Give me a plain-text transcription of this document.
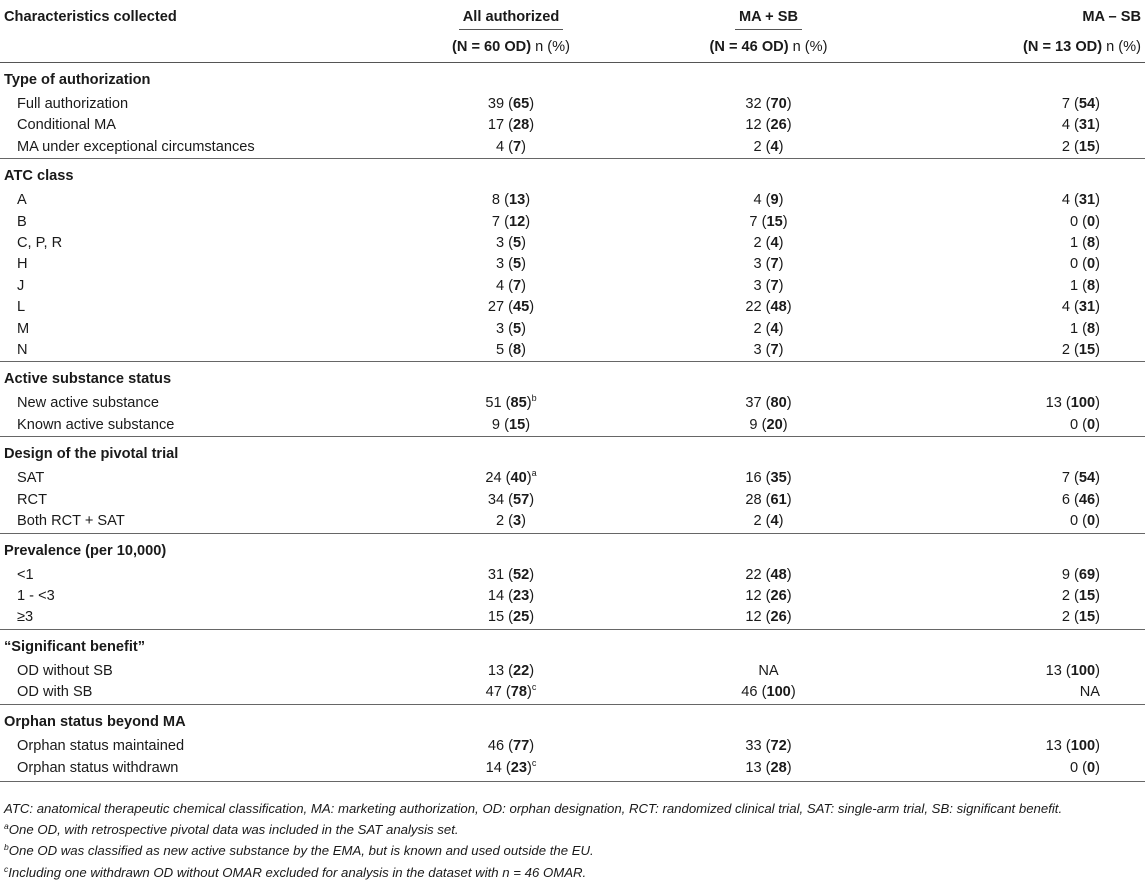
Characteristics collected	All authorized	MA + SB	MA – SB
	(N = 60 OD) n (%)	(N = 46 OD) n (%)	(N = 13 OD) n (%)
Type of authorization			
Full authorization	39 (65)	32 (70)	7 (54)
Conditional MA	17 (28)	12 (26)	4 (31)
MA under exceptional circumstances	4 (7)	2 (4)	2 (15)
ATC class			
A	8 (13)	4 (9)	4 (31)
B	7 (12)	7 (15)	0 (0)
C, P, R	3 (5)	2 (4)	1 (8)
H	3 (5)	3 (7)	0 (0)
J	4 (7)	3 (7)	1 (8)
L	27 (45)	22 (48)	4 (31)
M	3 (5)	2 (4)	1 (8)
N	5 (8)	3 (7)	2 (15)
Active substance status			
New active substance	51 $(85)^b$	37 (80)	13 (100)
Known active substance	9 (15)	9 (20)	0 (0)
Design of the pivotal trial			
SAT	24 $(40)^a$	16 (35)	7 (54)
RCT	34 (57)	28 (61)	6 (46)
Both RCT + SAT	2 (3)	2 (4)	0 (0)
Prevalence (per 10,000)			
<1	31 (52)	22 (48)	9 (69)
1 - <3	14 (23)	12 (26)	2 (15)
≥3	15 (25)	12 (26)	2 (15)
“Significant benefit”			
OD without SB	13 (22)	NA	13 (100)
OD with SB	47 $(78)^c$	46 (100)	NA
Orphan status beyond MA			
Orphan status maintained	46 (77)	33 (72)	13 (100)
Orphan status withdrawn	14 $(23)^c$	13 (28)	0 (0)
ATC: anatomical therapeutic chemical classification, MA: marketing authorization, OD: orphan designation, RCT: randomized clinical trial, SAT: single-arm trial, SB: significant benefit.
$^a$One OD, with retrospective pivotal data was included in the SAT analysis set.
$^b$One OD was classified as new active substance by the EMA, but is known and used outside the EU.
$^c$Including one withdrawn OD without OMAR excluded for analysis in the dataset with n = 46 OMAR.
